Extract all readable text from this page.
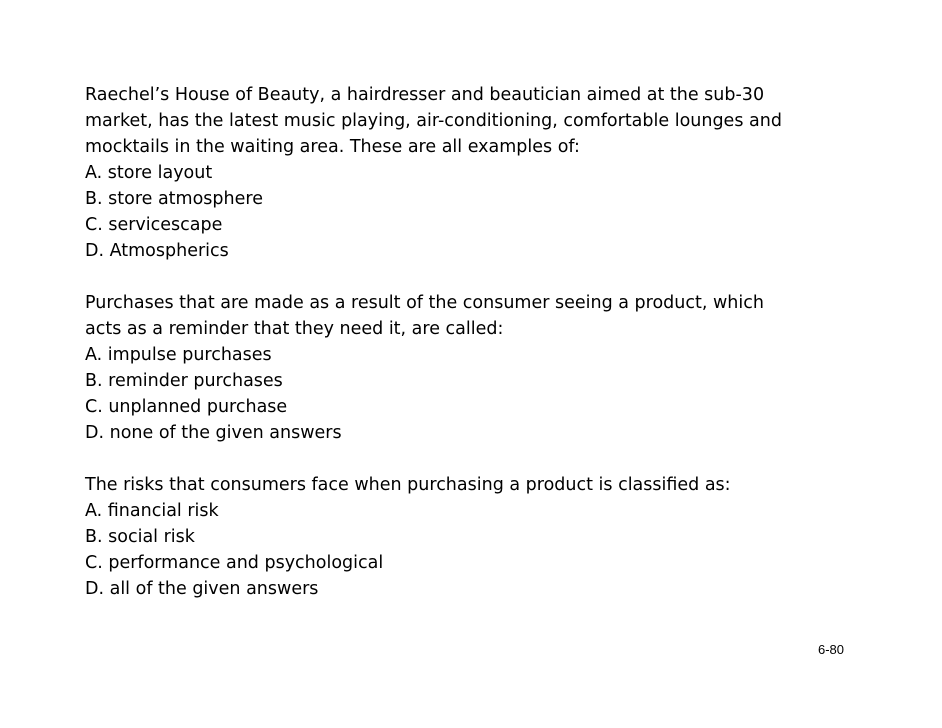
Raechel’s House of Beauty, a hairdresser and beautician aimed at the sub-30
market, has the latest music playing, air-conditioning, comfortable lounges and
mocktails in the waiting area. These are all examples of:
A. store layout
B. store atmosphere
C. servicescape
D. Atmospherics
Purchases that are made as a result of the consumer seeing a product, which
acts as a reminder that they need it, are called:
A. impulse purchases
B. reminder purchases
C. unplanned purchase
D. none of the given answers
The risks that consumers face when purchasing a product is classified as:
A. financial risk
B. social risk
C. performance and psychological
D. all of the given answers
6-80
